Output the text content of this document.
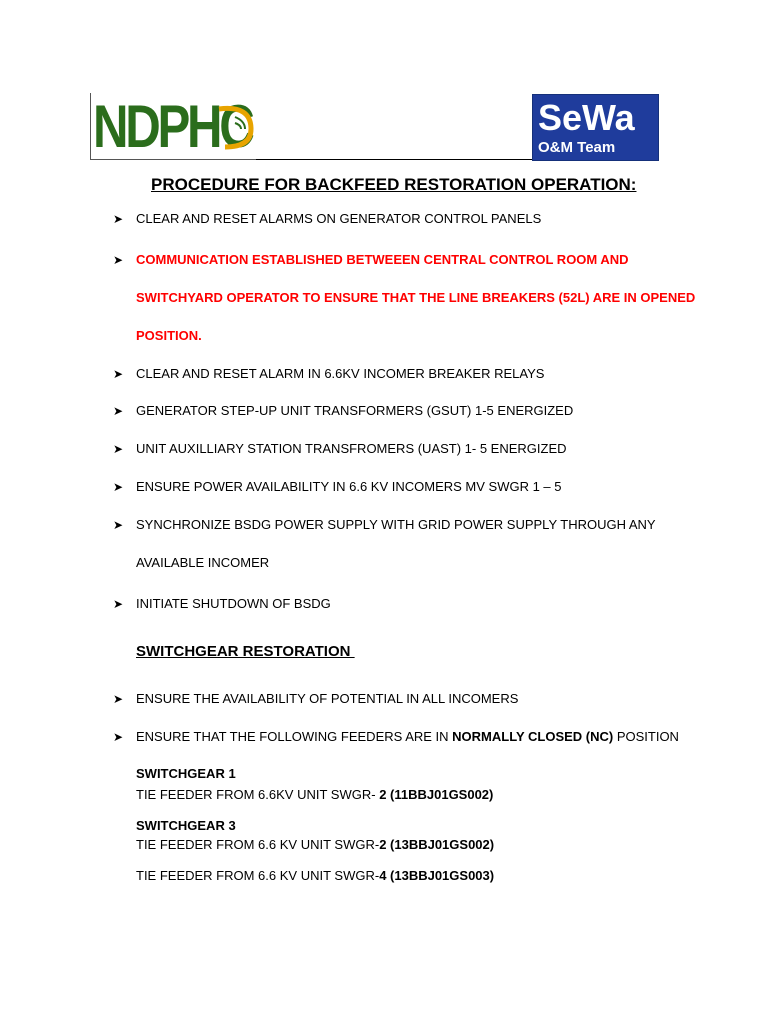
NDPHC	SeWa
O&M Team
PROCEDURE FOR BACKFEED RESTORATION OPERATION:
➤ CLEAR AND RESET ALARMS ON GENERATOR CONTROL PANELS
➤ COMMUNICATION ESTABLISHED BETWEEEN CENTRAL CONTROL ROOM AND
SWITCHYARD OPERATOR TO ENSURE THAT THE LINE BREAKERS (52L) ARE IN OPENED
POSITION.
➤ CLEAR AND RESET ALARM IN 6.6KV INCOMER BREAKER RELAYS
➤ GENERATOR STEP-UP UNIT TRANSFORMERS (GSUT) 1-5 ENERGIZED
➤ UNIT AUXILLIARY STATION TRANSFROMERS (UAST) 1- 5 ENERGIZED
➤ ENSURE POWER AVAILABILITY IN 6.6 KV INCOMERS MV SWGR 1 – 5
➤ SYNCHRONIZE BSDG POWER SUPPLY WITH GRID POWER SUPPLY THROUGH ANY
AVAILABLE INCOMER
➤ INITIATE SHUTDOWN OF BSDG
SWITCHGEAR RESTORATION
➤ ENSURE THE AVAILABILITY OF POTENTIAL IN ALL INCOMERS
➤ ENSURE THAT THE FOLLOWING FEEDERS ARE IN NORMALLY CLOSED (NC) POSITION
SWITCHGEAR 1
TIE FEEDER FROM 6.6KV UNIT SWGR- 2 (11BBJ01GS002)
SWITCHGEAR 3
TIE FEEDER FROM 6.6 KV UNIT SWGR-2 (13BBJ01GS002)
TIE FEEDER FROM 6.6 KV UNIT SWGR-4 (13BBJ01GS003)
